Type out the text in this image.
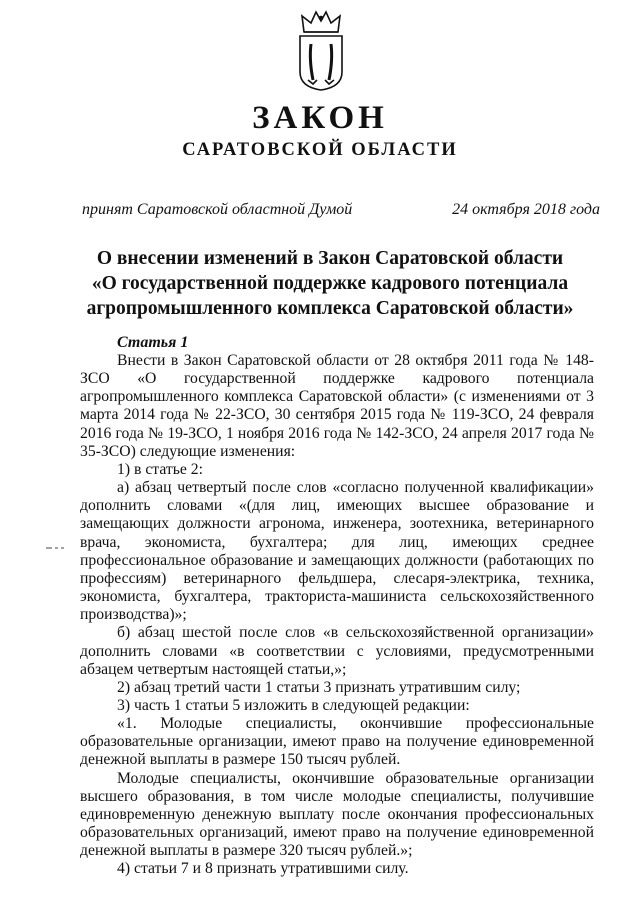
ЗАКОН
САРАТОВСКОЙ ОБЛАСТИ
принят Саратовской областной Думой	24 октября 2018 года
О внесении изменений в Закон Саратовской области
«О государственной поддержке кадрового потенциала
агропромышленного комплекса Саратовской области»
Статья 1

Внести в Закон Саратовской области от 28 октября 2011 года № 148-ЗСО «О государственной поддержке кадрового потенциала агропромышленного комплекса Саратовской области» (с изменениями от 3 марта 2014 года № 22-ЗСО, 30 сентября 2015 года № 119-ЗСО, 24 февраля 2016 года № 19-ЗСО, 1 ноября 2016 года № 142-ЗСО, 24 апреля 2017 года № 35-ЗСО) следующие изменения:

1) в статье 2:

а) абзац четвертый после слов «согласно полученной квалификации» дополнить словами «(для лиц, имеющих высшее образование и замещающих должности агронома, инженера, зоотехника, ветеринарного врача, экономиста, бухгалтера; для лиц, имеющих среднее профессиональное образование и замещающих должности (работающих по профессиям) ветеринарного фельдшера, слесаря-электрика, техника, экономиста, бухгалтера, тракториста-машиниста сельскохозяйственного производства)»;

б) абзац шестой после слов «в сельскохозяйственной организации» дополнить словами «в соответствии с условиями, предусмотренными абзацем четвертым настоящей статьи,»;

2) абзац третий части 1 статьи 3 признать утратившим силу;

3) часть 1 статьи 5 изложить в следующей редакции:

«1. Молодые специалисты, окончившие профессиональные образовательные организации, имеют право на получение единовременной денежной выплаты в размере 150 тысяч рублей.

Молодые специалисты, окончившие образовательные организации высшего образования, в том числе молодые специалисты, получившие единовременную денежную выплату после окончания профессиональных образовательных организаций, имеют право на получение единовременной денежной выплаты в размере 320 тысяч рублей.»;

4) статьи 7 и 8 признать утратившими силу.
